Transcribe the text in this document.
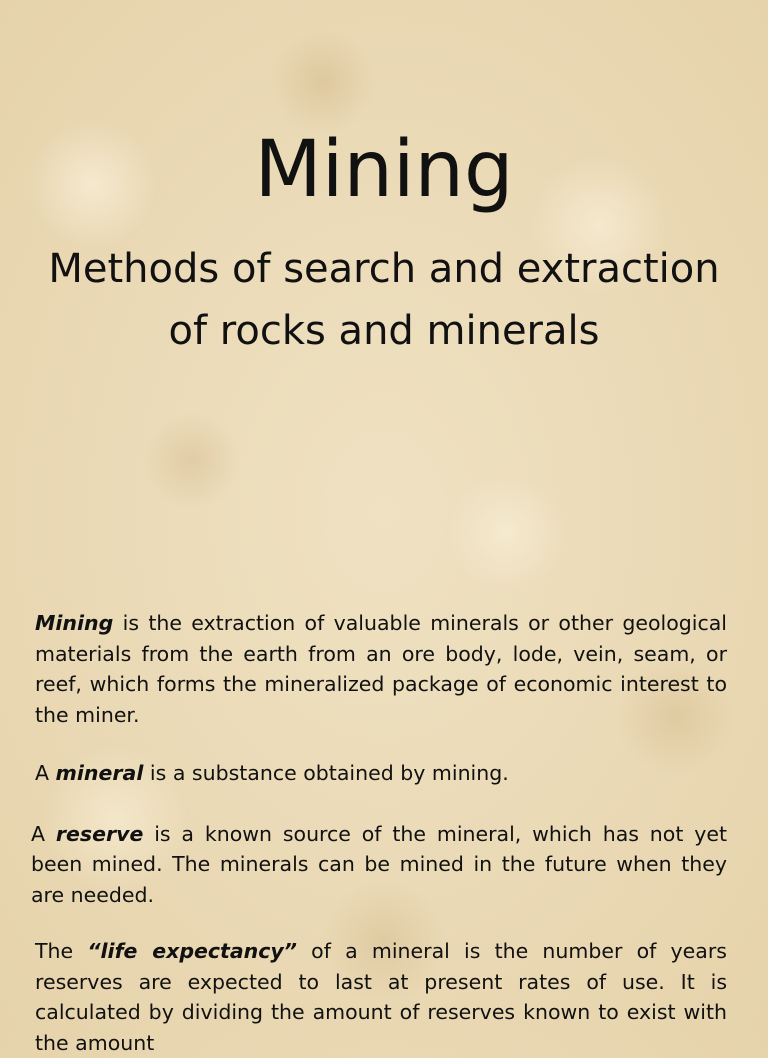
Mining

Methods of search and extraction
of rocks and minerals

Mining is the extraction of valuable minerals or other geological materials from the earth from an ore body, lode, vein, seam, or reef, which forms the mineralized package of economic interest to the miner.

A mineral is a substance obtained by mining.

A reserve is a known source of the mineral, which has not yet been mined. The minerals can be mined in the future when they are needed.

The “life expectancy” of a mineral is the number of years reserves are expected to last at present rates of use. It is calculated by dividing the amount of reserves known to exist with the amount
